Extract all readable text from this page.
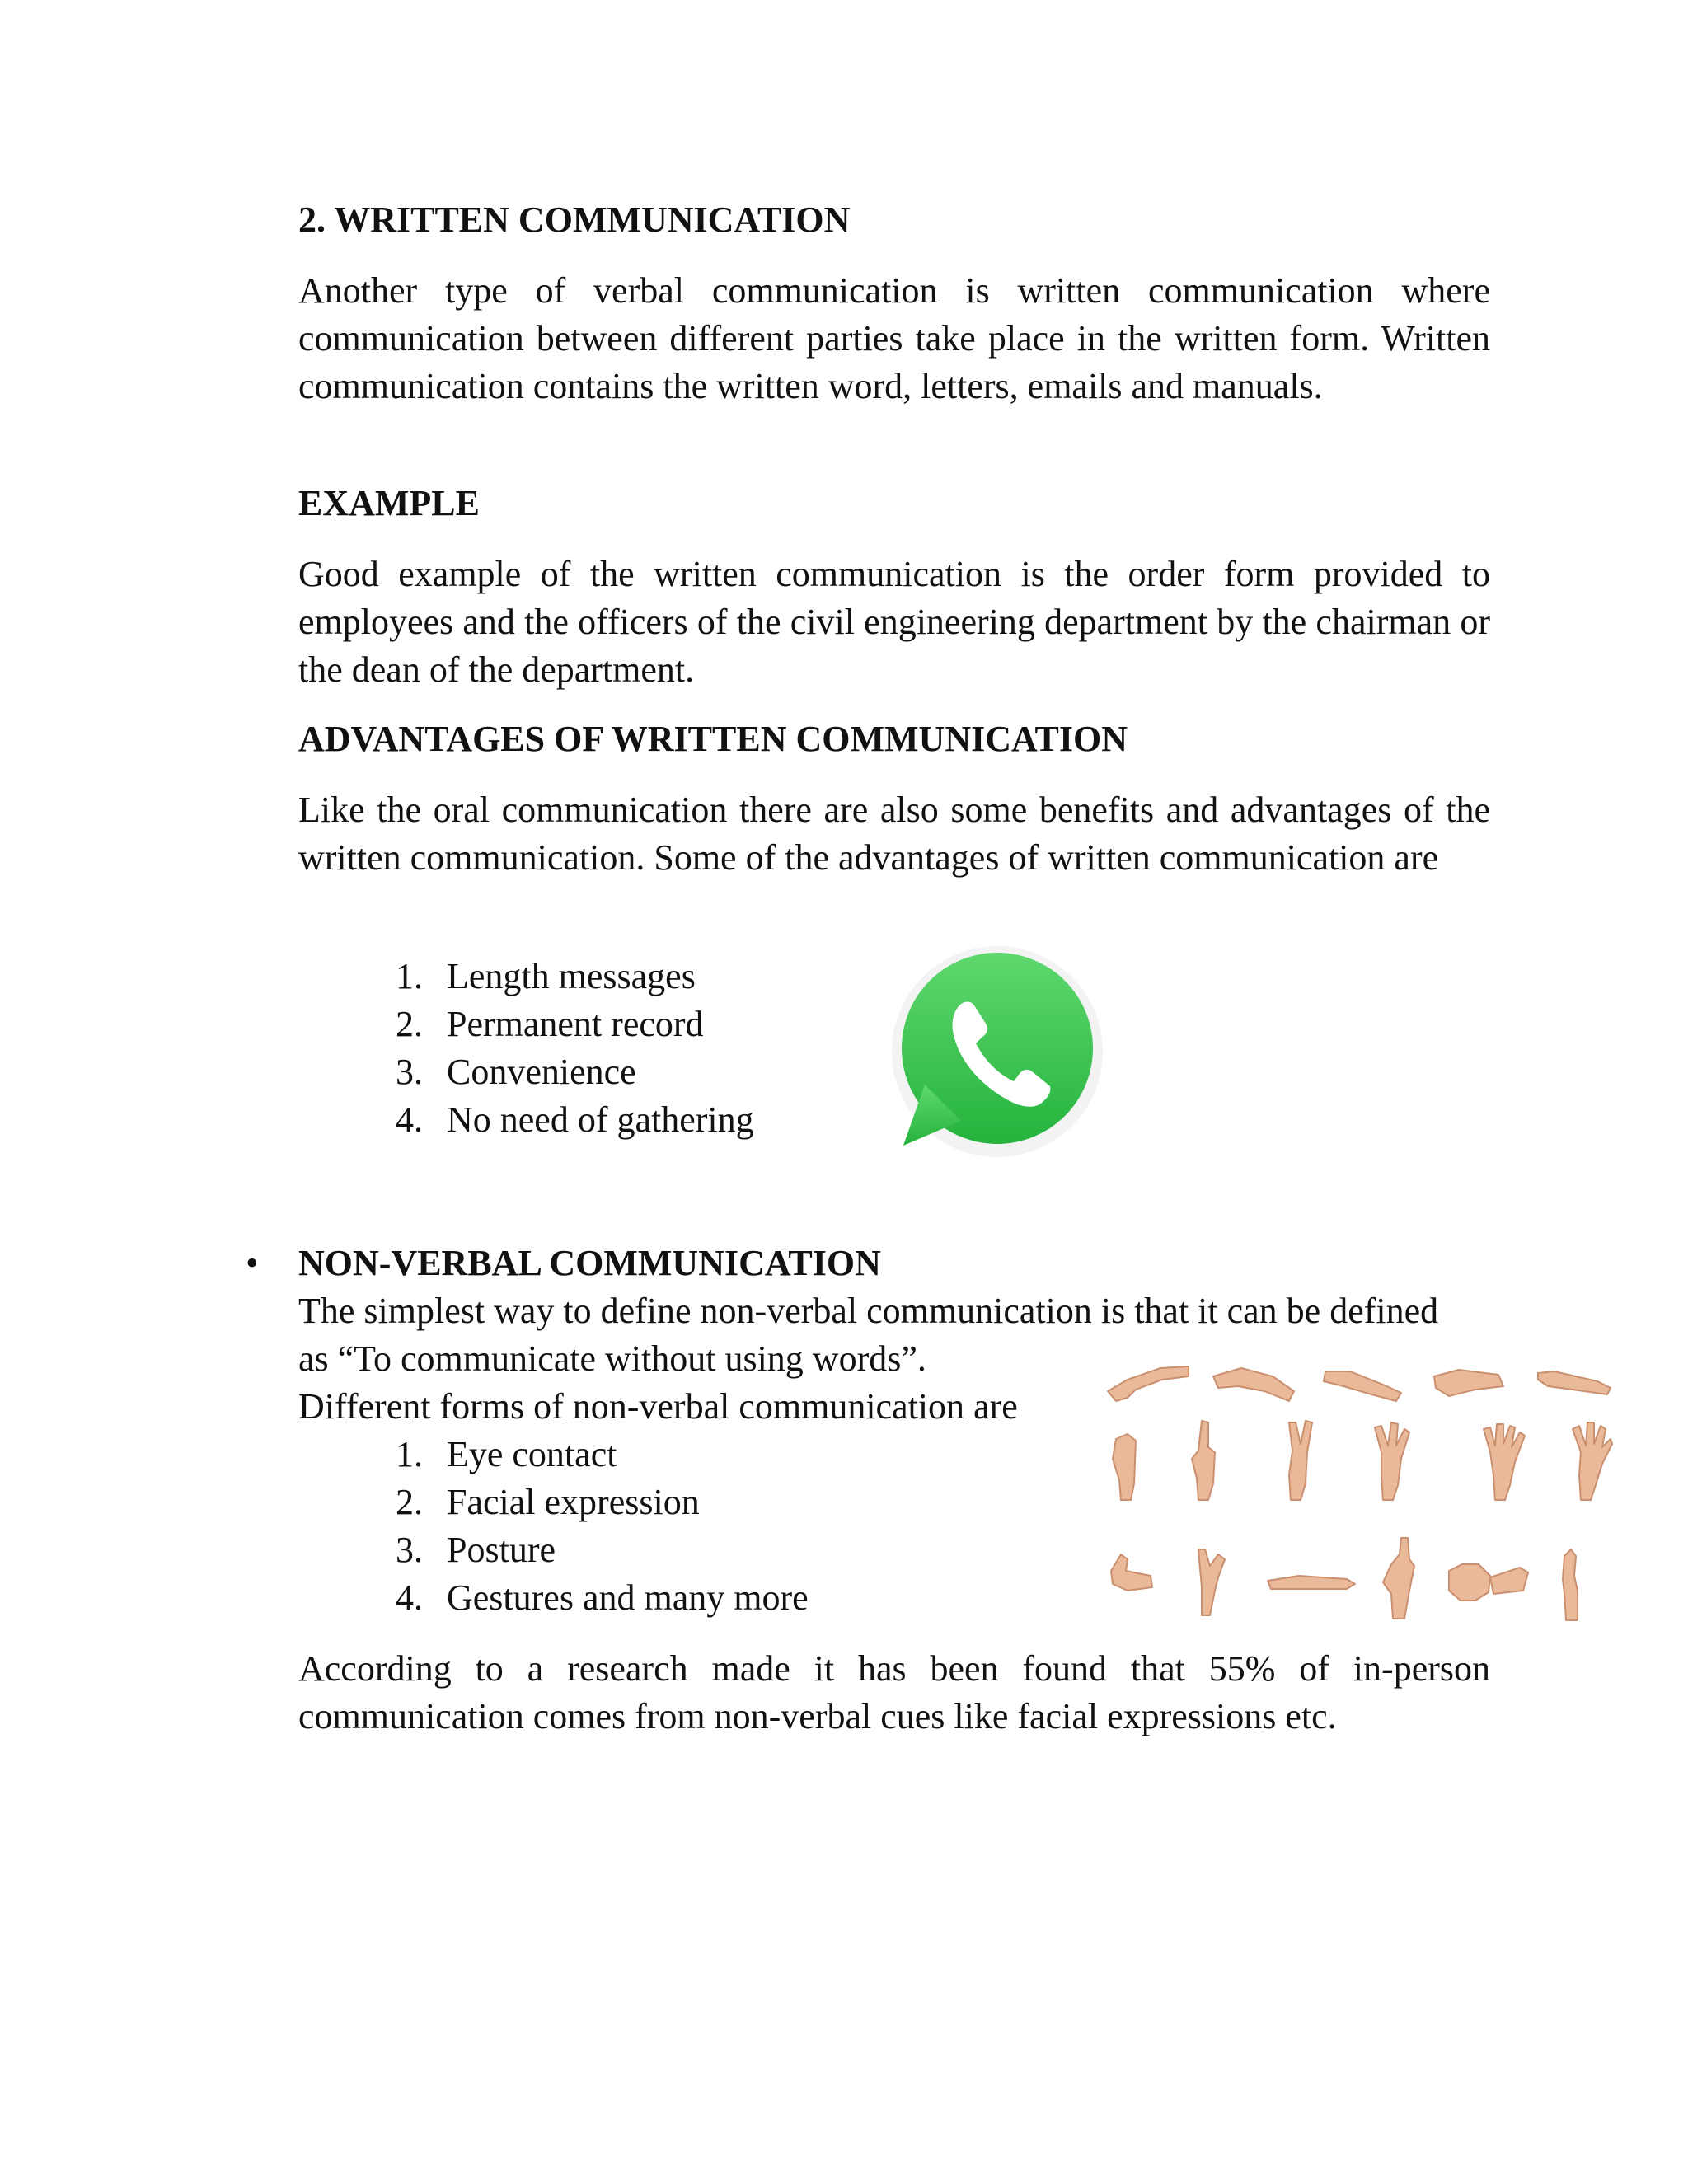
2. WRITTEN COMMUNICATION

Another type of verbal communication is written communication where communication between different parties take place in the written form. Written communication contains the written word, letters, emails and manuals.

EXAMPLE

Good example of the written communication is the order form provided to employees and the officers of the civil engineering department by the chairman or the dean of the department.

ADVANTAGES OF WRITTEN COMMUNICATION

Like the oral communication there are also some benefits and advantages of the written communication. Some of the advantages of written communication are

1. Length messages
2. Permanent record
3. Convenience
4. No need of gathering
• NON-VERBAL COMMUNICATION
The simplest way to define non-verbal communication is that it can be defined
as “To communicate without using words”.
Different forms of non-verbal communication are
1. Eye contact
2. Facial expression
3. Posture
4. Gestures and many more

According to a research made it has been found that 55% of in-person communication comes from non-verbal cues like facial expressions etc.
